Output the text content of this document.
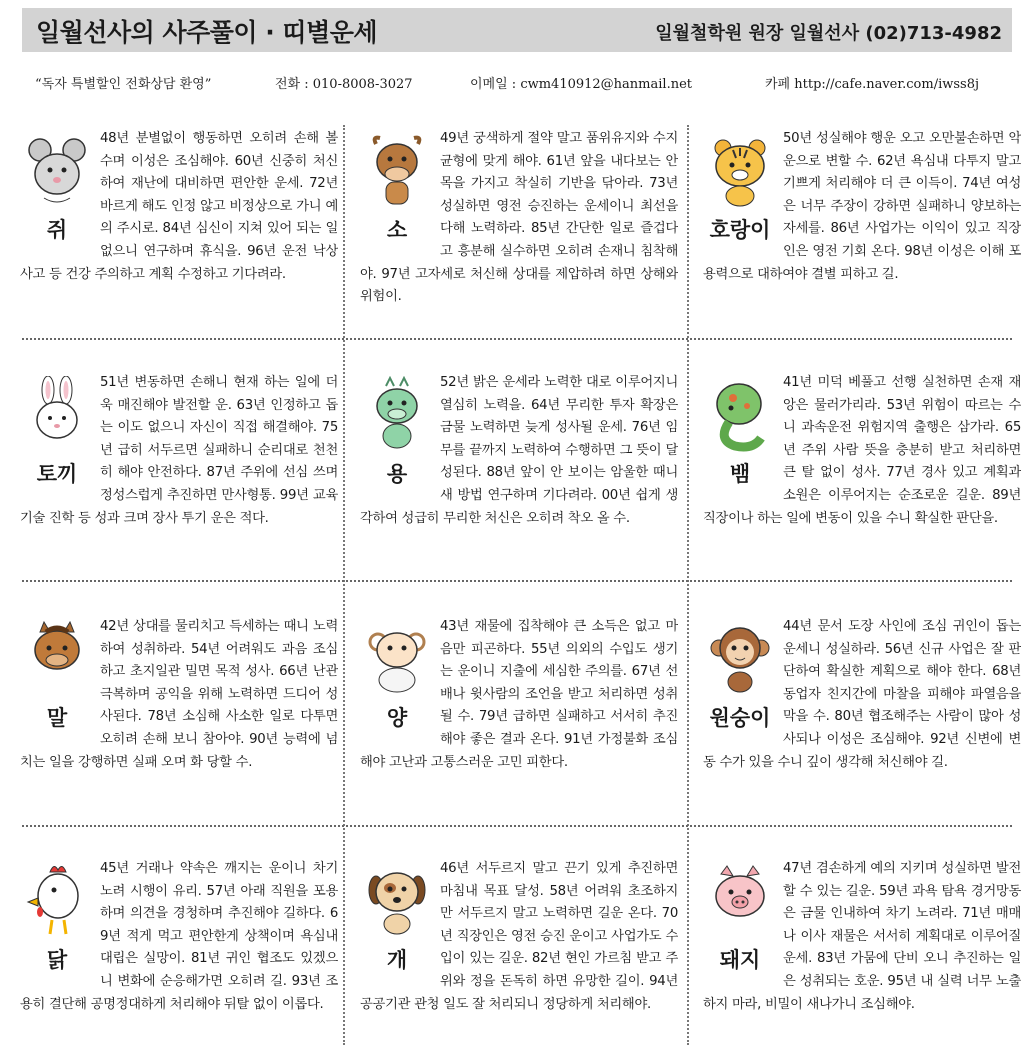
일월선사의 사주풀이 · 띠별운세	일월철학원 원장 일월선사 (02)713-4982
“독자 특별할인 전화상담 환영”	전화 : 010-8008-3027	이메일 : cwm410912@hanmail.net	카페 http://cafe.naver.com/iwss8j
쥐

48년 분별없이 행동하면 오히려 손해 볼 수며 이성은 조심해야. 60년 신중히 처신하여 재난에 대비하면 편안한 운세. 72년 바르게 해도 인정 않고 비정상으로 가니 예의 주시로. 84년 심신이 지쳐 있어 되는 일 없으니 연구하며 휴식을. 96년 운전 낙상사고 등 건강 주의하고 계획 수정하고 기다려라.

소

49년 궁색하게 절약 말고 품위유지와 수지균형에 맞게 해야. 61년 앞을 내다보는 안목을 가지고 착실히 기반을 닦아라. 73년 성실하면 영전 승진하는 운세이니 최선을 다해 노력하라. 85년 간단한 일로 즐겁다고 흥분해 실수하면 오히려 손재니 침착해야. 97년 고자세로 처신해 상대를 제압하려 하면 상해와 위험이.

호랑이

50년 성실해야 행운 오고 오만불손하면 악운으로 변할 수. 62년 욕심내 다투지 말고 기쁘게 처리해야 더 큰 이득이. 74년 여성은 너무 주장이 강하면 실패하니 양보하는 자세를. 86년 사업가는 이익이 있고 직장인은 영전 기회 온다. 98년 이성은 이해 포용력으로 대하여야 결별 피하고 길.

토끼

51년 변동하면 손해니 현재 하는 일에 더욱 매진해야 발전할 운. 63년 인정하고 돕는 이도 없으니 자신이 직접 해결해야. 75년 급히 서두르면 실패하니 순리대로 천천히 해야 안전하다. 87년 주위에 선심 쓰며 정성스럽게 추진하면 만사형통. 99년 교육 기술 진학 등 성과 크며 장사 투기 운은 적다.

용

52년 밝은 운세라 노력한 대로 이루어지니 열심히 노력을. 64년 무리한 투자 확장은 금물 노력하면 늦게 성사될 운세. 76년 임무를 끝까지 노력하여 수행하면 그 뜻이 달성된다. 88년 앞이 안 보이는 암울한 때니 새 방법 연구하며 기다려라. 00년 쉽게 생각하여 성급히 무리한 처신은 오히려 착오 올 수.

뱀

41년 미덕 베풀고 선행 실천하면 손재 재앙은 물러가리라. 53년 위험이 따르는 수니 과속운전 위험지역 출행은 삼가라. 65년 주위 사람 뜻을 충분히 받고 처리하면 큰 탈 없이 성사. 77년 경사 있고 계획과 소원은 이루어지는 순조로운 길운. 89년 직장이나 하는 일에 변동이 있을 수니 확실한 판단을.

말

42년 상대를 물리치고 득세하는 때니 노력하여 성취하라. 54년 어려워도 과음 조심하고 초지일관 밀면 목적 성사. 66년 난관 극복하며 공익을 위해 노력하면 드디어 성사된다. 78년 소심해 사소한 일로 다투면 오히려 손해 보니 참아야. 90년 능력에 넘치는 일을 강행하면 실패 오며 화 당할 수.

양

43년 재물에 집착해야 큰 소득은 없고 마음만 피곤하다. 55년 의외의 수입도 생기는 운이니 지출에 세심한 주의를. 67년 선배나 윗사람의 조언을 받고 처리하면 성취될 수. 79년 급하면 실패하고 서서히 추진해야 좋은 결과 온다. 91년 가정불화 조심해야 고난과 고통스러운 고민 피한다.

원숭이

44년 문서 도장 사인에 조심 귀인이 돕는 운세니 성실하라. 56년 신규 사업은 잘 판단하여 확실한 계획으로 해야 한다. 68년 동업자 친지간에 마찰을 피해야 파열음을 막을 수. 80년 협조해주는 사람이 많아 성사되나 이성은 조심해야. 92년 신변에 변동 수가 있을 수니 깊이 생각해 처신해야 길.

닭

45년 거래나 약속은 깨지는 운이니 차기 노려 시행이 유리. 57년 아래 직원을 포용하며 의견을 경청하며 추진해야 길하다. 69년 적게 먹고 편안한게 상책이며 욕심내 대립은 실망이. 81년 귀인 협조도 있겠으니 변화에 순응해가면 오히려 길. 93년 조용히 결단해 공명정대하게 처리해야 뒤탈 없이 이롭다.

개

46년 서두르지 말고 끈기 있게 추진하면 마침내 목표 달성. 58년 어려워 초조하지만 서두르지 말고 노력하면 길운 온다. 70년 직장인은 영전 승진 운이고 사업가도 수입이 있는 길운. 82년 현인 가르침 받고 주위와 정을 돈독히 하면 유망한 길이. 94년 공공기관 관청 일도 잘 처리되니 정당하게 처리해야.

돼지

47년 겸손하게 예의 지키며 성실하면 발전할 수 있는 길운. 59년 과욕 탐욕 경거망동은 금물 인내하여 차기 노려라. 71년 매매나 이사 재물은 서서히 계획대로 이루어질 운세. 83년 가뭄에 단비 오니 추진하는 일은 성취되는 호운. 95년 내 실력 너무 노출하지 마라, 비밀이 새나가니 조심해야.
